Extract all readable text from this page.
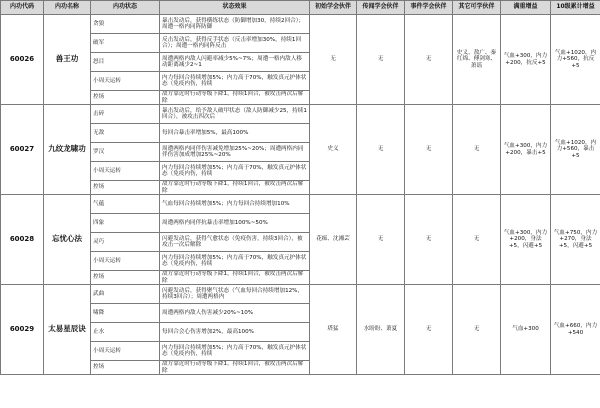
内功代码	内功名称	内功状态	状态效果	初始学会伙伴	传闻学会伙伴	事件学会伙伴	其它可学伙伴	满重增益	10级累计增益
60026	兽王功	贪狼	暴击发动后，获得横练状态（防御增加30，持续2回合）；周遭一格内同阵防御	无	无	无	史义、敖广、秦红绵、傅剑寒、萧谣	气血+300，内力+200，抗反+5	气血+1020，内力+560，抗反+5
		破军	反击发动后，获得反手状态（反击率增加30%，持续1回合）；周遭一格内同阵反击						
		怒目	周遭两格内敌人闪避率减少5%~7%；周遭一格内敌人移动距离减少2~1						
		小周天运转	内力每回合持续增加5%；内力高于70%，触发真元护体状态（免疫内伤，持续						
		控场	敌方靠近时行动等级下降1，持续1回合，被攻击两次后解除						
60027	九纹龙啸功	击碎	暴击发动后，给予敌人破甲状态（敌人防御减少25，持续1回合），被攻击四次后	史义	无	无	无	气血+300，内力+200，暴击+5	气血+1020，内力+560，暴击+5
		无敌	每回合暴击率增加5%，最高100%						
		罗汉	周遭两格内同伴伤害减免增加25%~20%；周遭两格内同伴伤害加成增加25%~20%						
		小周天运转	内力每回合持续增加5%；内力高于70%，触发真元护体状态（免疫内伤，持续						
		控场	敌方靠近时行动等级下降1，持续1回合，被攻击两次后解除						
60028	忘忧心法	气蕴	气血每回合持续增加5%；内力每回合持续增加10%	花痴、沈湘芸	无	无	无	气血+300，内力+200，身法+5，闪避+5	气血+750，内力+270，身法+5，闪避+5
		四象	周遭两格内同伴抗暴击率增加100%~50%						
		灵巧	闪避发动后，获得气愈状态（免疫伤害，持续3回合），被攻击一次后解除						
		小周天运转	内力每回合持续增加5%；内力高于70%，触发真元护体状态（免疫内伤，持续						
		控场	敌方靠近时行动等级下降1，持续1回合，被攻击两次后解除						
60029	太易星辰诀	武曲	闪避发动后，获得聚气状态（气血每回合持续增加12%，持续3回合）；周遭两格内	塔猛	水盼盼、萧夏	无	无	气血+300	气血+660，内力+540
		啸降	周遭两格内敌人伤害减少20%~10%						
		止水	每回合会心伤害增加2%，最高100%						
		小周天运转	内力每回合持续增加5%；内力高于70%，触发真元护体状态（免疫内伤，持续						
		控场	敌方靠近时行动等级下降1，持续1回合，被攻击两次后解除						
